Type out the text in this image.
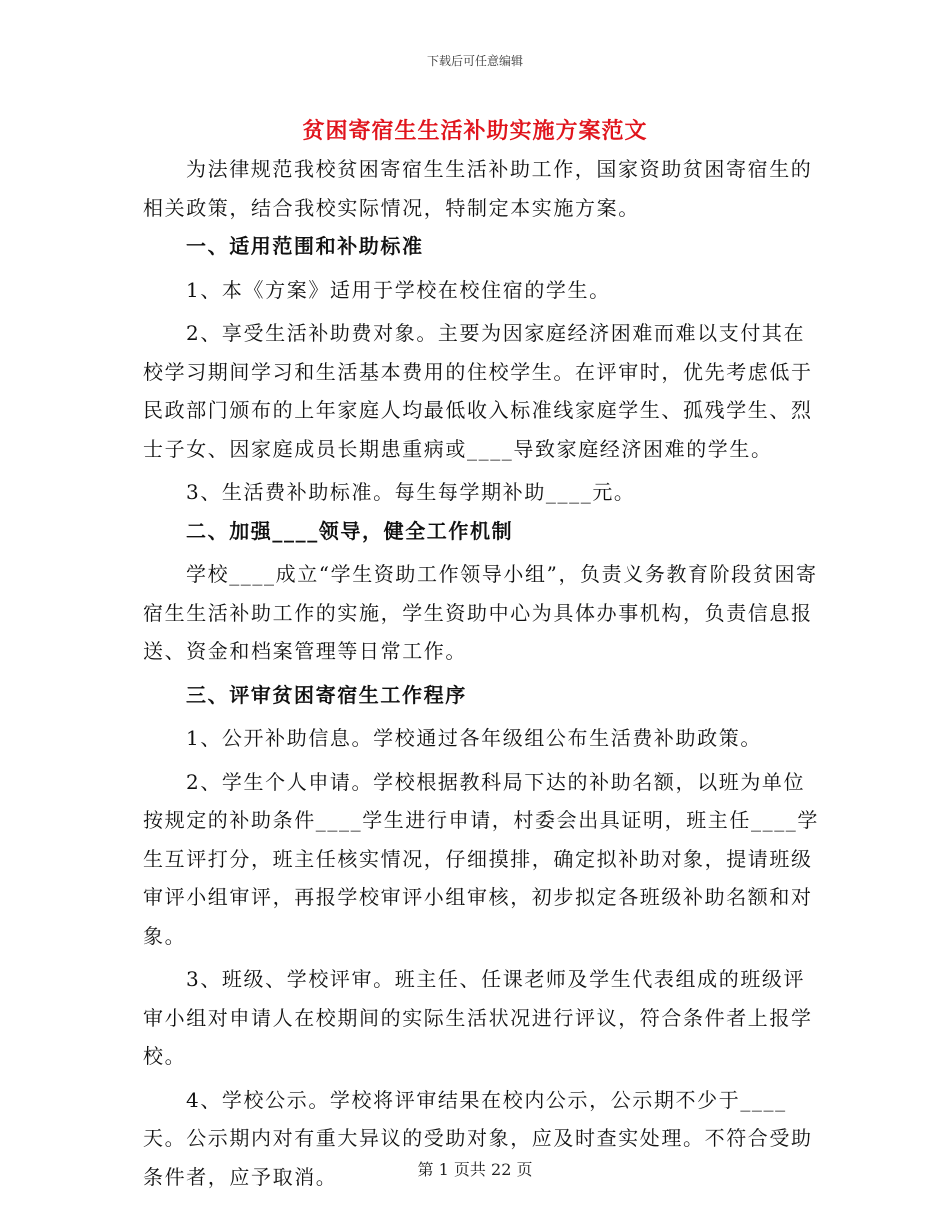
下载后可任意编辑
贫困寄宿生生活补助实施方案范文

为法律规范我校贫困寄宿生生活补助工作，国家资助贫困寄宿生的相关政策，结合我校实际情况，特制定本实施方案。

一、适用范围和补助标准

1、本《方案》适用于学校在校住宿的学生。

2、享受生活补助费对象。主要为因家庭经济困难而难以支付其在校学习期间学习和生活基本费用的住校学生。在评审时，优先考虑低于民政部门颁布的上年家庭人均最低收入标准线家庭学生、孤残学生、烈士子女、因家庭成员长期患重病或____导致家庭经济困难的学生。

3、生活费补助标准。每生每学期补助____元。

二、加强____领导，健全工作机制

学校____成立“学生资助工作领导小组”，负责义务教育阶段贫困寄宿生生活补助工作的实施，学生资助中心为具体办事机构，负责信息报送、资金和档案管理等日常工作。

三、评审贫困寄宿生工作程序

1、公开补助信息。学校通过各年级组公布生活费补助政策。

2、学生个人申请。学校根据教科局下达的补助名额，以班为单位按规定的补助条件____学生进行申请，村委会出具证明，班主任____学生互评打分，班主任核实情况，仔细摸排，确定拟补助对象，提请班级审评小组审评，再报学校审评小组审核，初步拟定各班级补助名额和对象。

3、班级、学校评审。班主任、任课老师及学生代表组成的班级评审小组对申请人在校期间的实际生活状况进行评议，符合条件者上报学校。

4、学校公示。学校将评审结果在校内公示，公示期不少于____天。公示期内对有重大异议的受助对象，应及时查实处理。不符合受助条件者，应予取消。	第 1 页共 22 页
